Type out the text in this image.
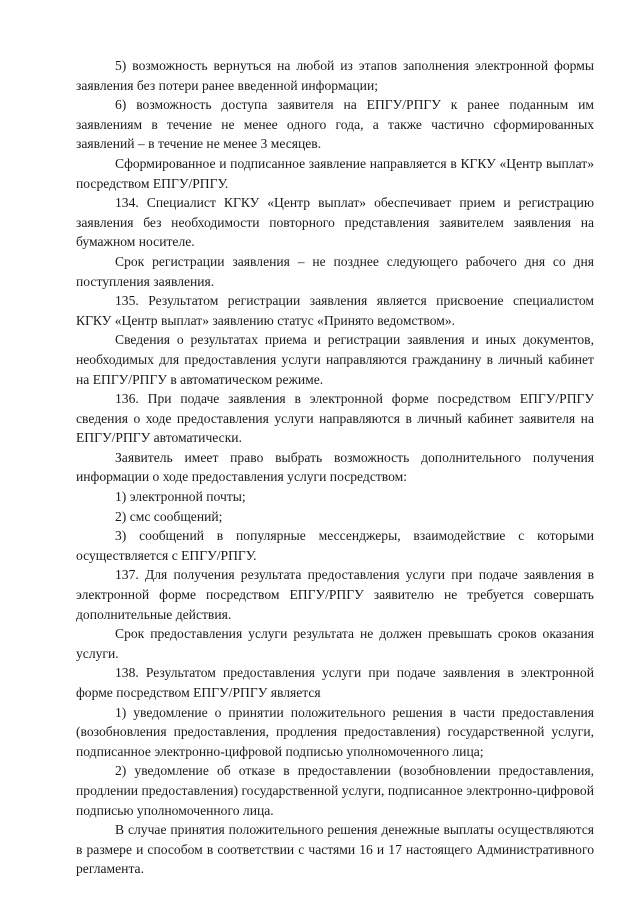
5) возможность вернуться на любой из этапов заполнения электронной формы заявления без потери ранее введенной информации;

6) возможность доступа заявителя на ЕПГУ/РПГУ к ранее поданным им заявлениям в течение не менее одного года, а также частично сформированных заявлений – в течение не менее 3 месяцев.

Сформированное и подписанное заявление направляется в КГКУ «Центр выплат» посредством ЕПГУ/РПГУ.

134. Специалист КГКУ «Центр выплат» обеспечивает прием и регистрацию заявления без необходимости повторного представления заявителем заявления на бумажном носителе.

Срок регистрации заявления – не позднее следующего рабочего дня со дня поступления заявления.

135. Результатом регистрации заявления является присвоение специалистом КГКУ «Центр выплат» заявлению статус «Принято ведомством».

Сведения о результатах приема и регистрации заявления и иных документов, необходимых для предоставления услуги направляются гражданину в личный кабинет на ЕПГУ/РПГУ в автоматическом режиме.

136. При подаче заявления в электронной форме посредством ЕПГУ/РПГУ сведения о ходе предоставления услуги направляются в личный кабинет заявителя на ЕПГУ/РПГУ автоматически.

Заявитель имеет право выбрать возможность дополнительного получения информации о ходе предоставления услуги посредством:

1) электронной почты;

2) смс сообщений;

3) сообщений в популярные мессенджеры, взаимодействие с которыми осуществляется с ЕПГУ/РПГУ.

137. Для получения результата предоставления услуги при подаче заявления в электронной форме посредством ЕПГУ/РПГУ заявителю не требуется совершать дополнительные действия.

Срок предоставления услуги результата не должен превышать сроков оказания услуги.

138. Результатом предоставления услуги при подаче заявления в электронной форме посредством ЕПГУ/РПГУ является

1) уведомление о принятии положительного решения в части предоставления (возобновления предоставления, продления предоставления) государственной услуги, подписанное электронно-цифровой подписью уполномоченного лица;

2) уведомление об отказе в предоставлении (возобновлении предоставления, продлении предоставления) государственной услуги, подписанное электронно-цифровой подписью уполномоченного лица.

В случае принятия положительного решения денежные выплаты осуществляются в размере и способом в соответствии с частями 16 и 17 настоящего Административного регламента.
